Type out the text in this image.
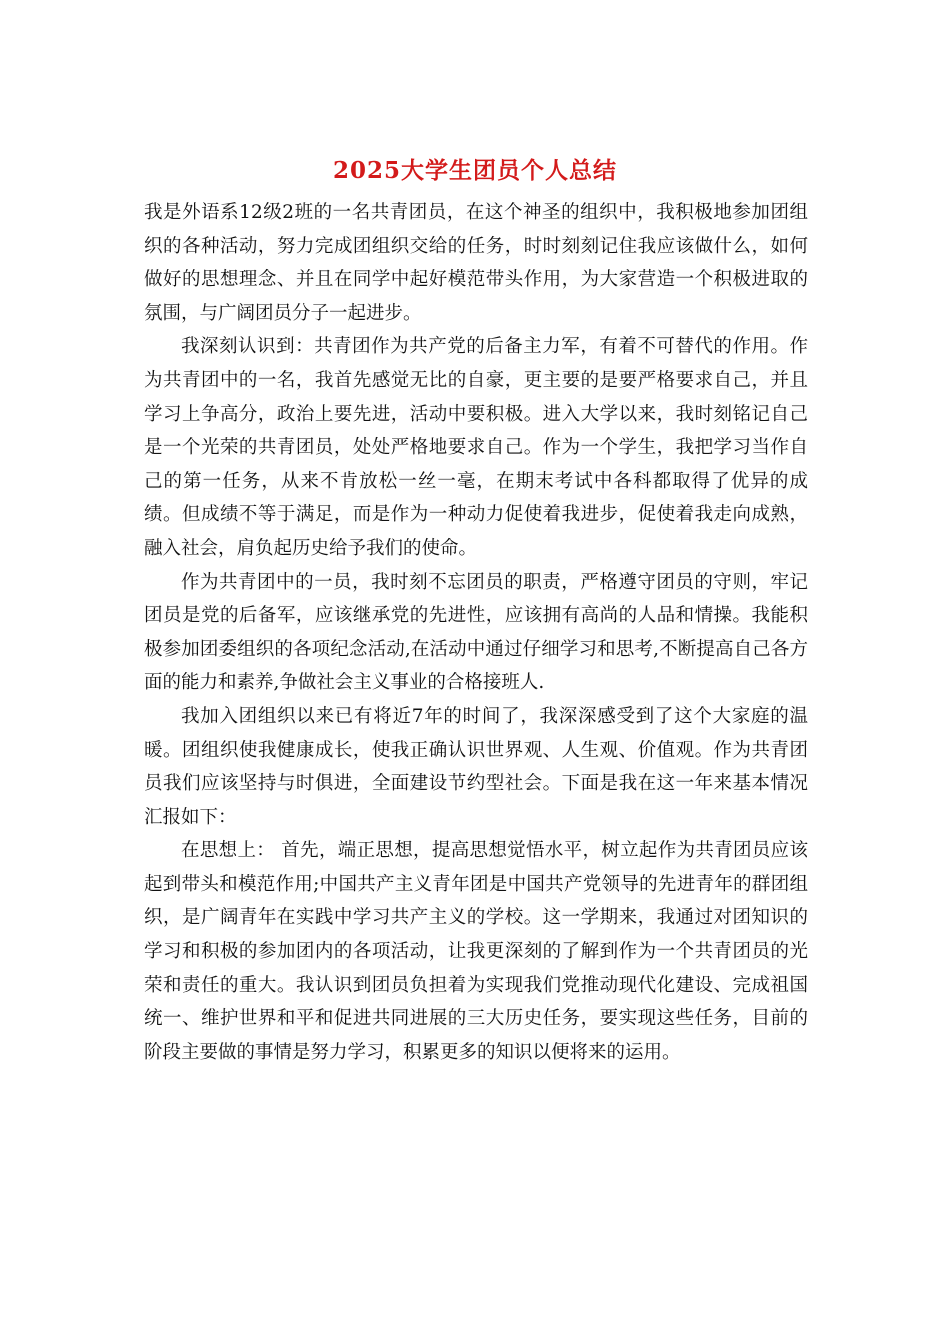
2025大学生团员个人总结

我是外语系12级2班的一名共青团员，在这个神圣的组织中，我积极地参加团组织的各种活动，努力完成团组织交给的任务，时时刻刻记住我应该做什么，如何做好的思想理念、并且在同学中起好模范带头作用，为大家营造一个积极进取的氛围，与广阔团员分子一起进步。

我深刻认识到：共青团作为共产党的后备主力军，有着不可替代的作用。作为共青团中的一名，我首先感觉无比的自豪，更主要的是要严格要求自己，并且学习上争高分，政治上要先进，活动中要积极。进入大学以来，我时刻铭记自己是一个光荣的共青团员，处处严格地要求自己。作为一个学生，我把学习当作自己的第一任务，从来不肯放松一丝一毫，在期末考试中各科都取得了优异的成绩。但成绩不等于满足，而是作为一种动力促使着我进步，促使着我走向成熟，融入社会，肩负起历史给予我们的使命。

作为共青团中的一员，我时刻不忘团员的职责，严格遵守团员的守则，牢记团员是党的后备军，应该继承党的先进性，应该拥有高尚的人品和情操。我能积极参加团委组织的各项纪念活动,在活动中通过仔细学习和思考,不断提高自己各方面的能力和素养,争做社会主义事业的合格接班人.

我加入团组织以来已有将近7年的时间了，我深深感受到了这个大家庭的温暖。团组织使我健康成长，使我正确认识世界观、人生观、价值观。作为共青团员我们应该坚持与时俱进，全面建设节约型社会。下面是我在这一年来基本情况汇报如下：

在思想上： 首先，端正思想，提高思想觉悟水平，树立起作为共青团员应该起到带头和模范作用;中国共产主义青年团是中国共产党领导的先进青年的群团组织，是广阔青年在实践中学习共产主义的学校。这一学期来，我通过对团知识的学习和积极的参加团内的各项活动，让我更深刻的了解到作为一个共青团员的光荣和责任的重大。我认识到团员负担着为实现我们党推动现代化建设、完成祖国统一、维护世界和平和促进共同进展的三大历史任务，要实现这些任务，目前的阶段主要做的事情是努力学习，积累更多的知识以便将来的运用。
